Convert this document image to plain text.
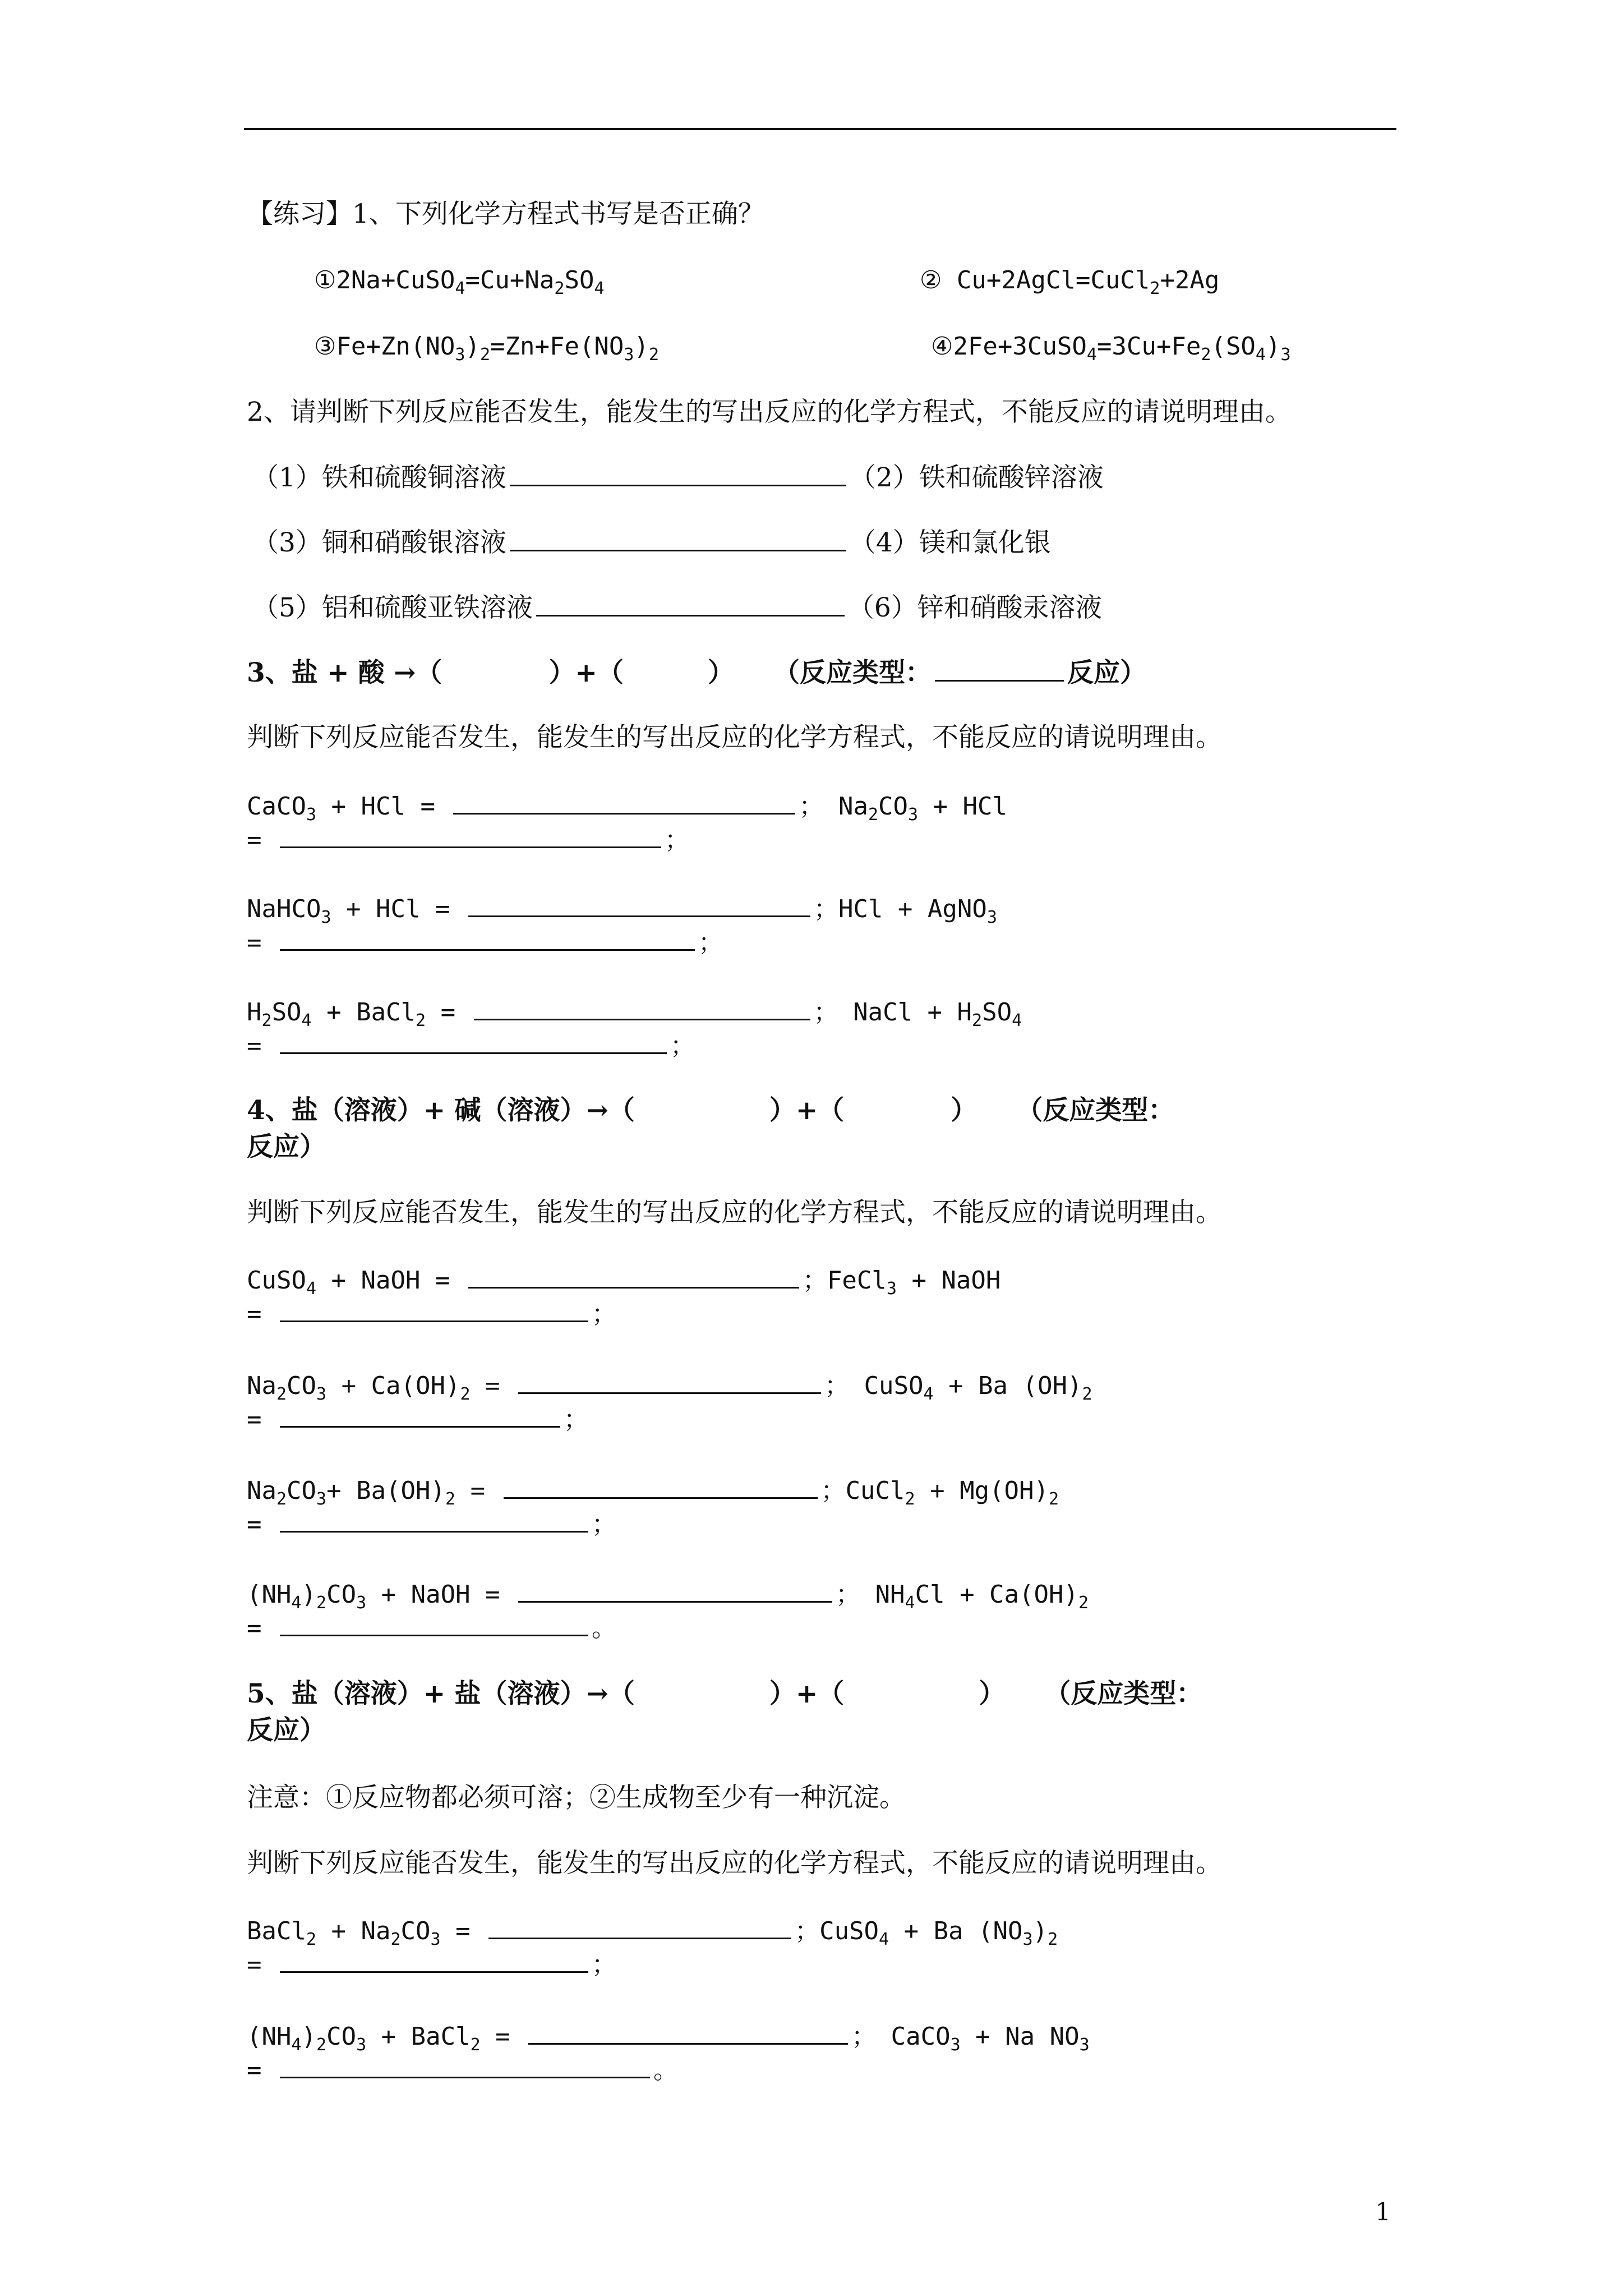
【练习】1、下列化学方程式书写是否正确？
$①2Na+CuSO_4=Cu+Na_2SO_4$	② Cu+2AgCl=CuCl$_2$+2Ag
$③Fe+Zn(NO_3)_2=Zn+Fe(NO_3)_2$	$④2Fe+3CuSO_4=3Cu+Fe_2(SO_4)_3$
2、请判断下列反应能否发生，能发生的写出反应的化学方程式，不能反应的请说明理由。
（1）铁和硫酸铜溶液	（2）铁和硫酸锌溶液
（3）铜和硝酸银溶液	（4）镁和氯化银
（5）铝和硫酸亚铁溶液	（6）锌和硝酸汞溶液
3、盐 + 酸 →（	）+（	） （反应类型：	反应）
判断下列反应能否发生，能发生的写出反应的化学方程式，不能反应的请说明理由。
CaCO$_3$ + HCl =	； $Na_2CO_3$ + HCl
=	；
NaHCO$_3$ + HCl =	；HCl + AgNO$_3$
=	；
$H_2SO_4$ + BaCl$_2$ =	； NaCl + $H_2SO_4$
=	；
4、盐（溶液）+ 碱（溶液）→（	）+（	） （反应类型：
反应）
判断下列反应能否发生，能发生的写出反应的化学方程式，不能反应的请说明理由。
CuSO$_4$ + NaOH =	；FeCl$_3$ + NaOH
=	；
$Na_2CO_3 + Ca(OH)_2$ =	； CuSO$_4$ + Ba $(OH)_2$
=	；
$Na_2CO_3+ Ba(OH)_2$ =	；CuCl$_2$ + $Mg(OH)_2$
=	；
$(NH_4)_2CO_3$ + NaOH =	； $NH_4Cl + Ca(OH)_2$
=	。
5、盐（溶液）+ 盐（溶液）→（	）+（	） （反应类型：
反应）
注意：①反应物都必须可溶；②生成物至少有一种沉淀。
判断下列反应能否发生，能发生的写出反应的化学方程式，不能反应的请说明理由。
BaCl$_2$ + $Na_2CO_3$ =	；CuSO$_4$ + Ba $(NO_3)_2$
=	；
$(NH_4)_2CO_3$ + BaCl$_2$ =	； CaCO$_3$ + Na $NO_3$
=	。
1
